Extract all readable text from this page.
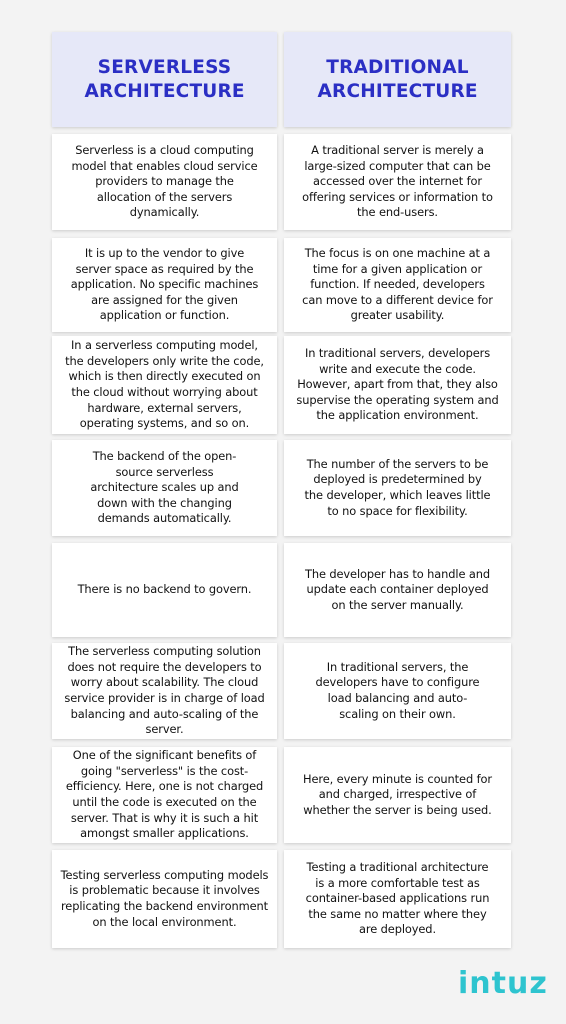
SERVERLESS ARCHITECTURE
TRADITIONAL ARCHITECTURE
Serverless is a cloud computing model that enables cloud service providers to manage the allocation of the servers dynamically.
A traditional server is merely a large-sized computer that can be accessed over the internet for offering services or information to the end-users.
It is up to the vendor to give server space as required by the application. No specific machines are assigned for the given application or function.
The focus is on one machine at a time for a given application or function. If needed, developers can move to a different device for greater usability.
In a serverless computing model, the developers only write the code, which is then directly executed on the cloud without worrying about hardware, external servers, operating systems, and so on.
In traditional servers, developers write and execute the code. However, apart from that, they also supervise the operating system and the application environment.
The backend of the open-source serverless architecture scales up and down with the changing demands automatically.
The number of the servers to be deployed is predetermined by the developer, which leaves little to no space for flexibility.
There is no backend to govern.
The developer has to handle and update each container deployed on the server manually.
The serverless computing solution does not require the developers to worry about scalability. The cloud service provider is in charge of load balancing and auto-scaling of the server.
In traditional servers, the developers have to configure load balancing and auto-scaling on their own.
One of the significant benefits of going "serverless" is the cost-efficiency. Here, one is not charged until the code is executed on the server. That is why it is such a hit amongst smaller applications.
Here, every minute is counted for and charged, irrespective of whether the server is being used.
Testing serverless computing models is problematic because it involves replicating the backend environment on the local environment.
Testing a traditional architecture is a more comfortable test as container-based applications run the same no matter where they are deployed.
intuz
